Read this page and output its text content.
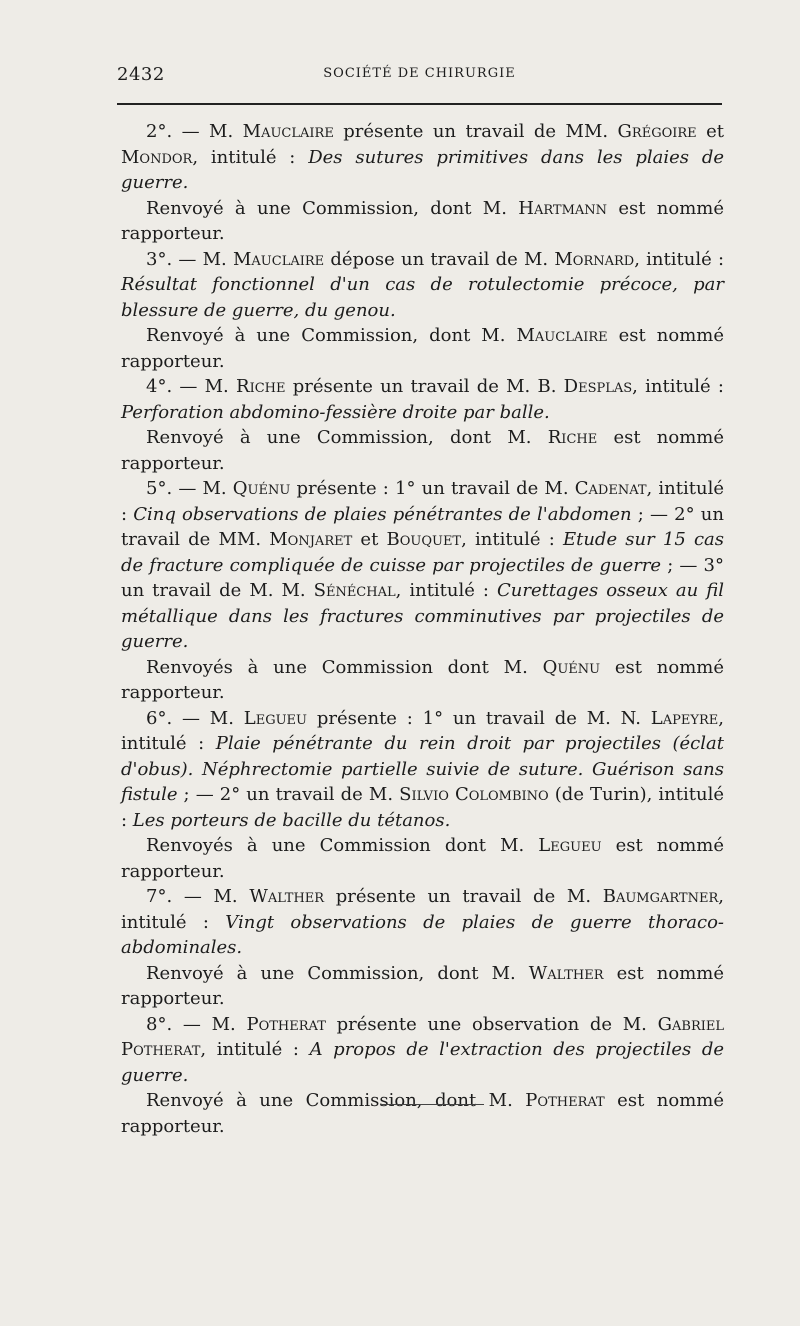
2432	SOCIÉTÉ DE CHIRURGIE

2°. — M. Mauclaire présente un travail de MM. Grégoire et Mondor, intitulé : Des sutures primitives dans les plaies de guerre.

Renvoyé à une Commission, dont M. Hartmann est nommé rapporteur.

3°. — M. Mauclaire dépose un travail de M. Mornard, intitulé : Résultat fonctionnel d'un cas de rotulectomie précoce, par blessure de guerre, du genou.

Renvoyé à une Commission, dont M. Mauclaire est nommé rapporteur.

4°. — M. Riche présente un travail de M. B. Desplas, intitulé : Perforation abdomino-fessière droite par balle.

Renvoyé à une Commission, dont M. Riche est nommé rapporteur.

5°. — M. Quénu présente : 1° un travail de M. Cadenat, intitulé : Cinq observations de plaies pénétrantes de l'abdomen ; — 2° un travail de MM. Monjaret et Bouquet, intitulé : Etude sur 15 cas de fracture compliquée de cuisse par projectiles de guerre ; — 3° un travail de M. M. Sénéchal, intitulé : Curettages osseux au fil métallique dans les fractures comminutives par projectiles de guerre.

Renvoyés à une Commission dont M. Quénu est nommé rapporteur.

6°. — M. Legueu présente : 1° un travail de M. N. Lapeyre, intitulé : Plaie pénétrante du rein droit par projectiles (éclat d'obus). Néphrectomie partielle suivie de suture. Guérison sans fistule ; — 2° un travail de M. Silvio Colombino (de Turin), intitulé : Les porteurs de bacille du tétanos.

Renvoyés à une Commission dont M. Legueu est nommé rapporteur.

7°. — M. Walther présente un travail de M. Baumgartner, intitulé : Vingt observations de plaies de guerre thoraco-abdominales.

Renvoyé à une Commission, dont M. Walther est nommé rapporteur.

8°. — M. Potherat présente une observation de M. Gabriel Potherat, intitulé : A propos de l'extraction des projectiles de guerre.

Renvoyé à une Commission, dont M. Potherat est nommé rapporteur.
